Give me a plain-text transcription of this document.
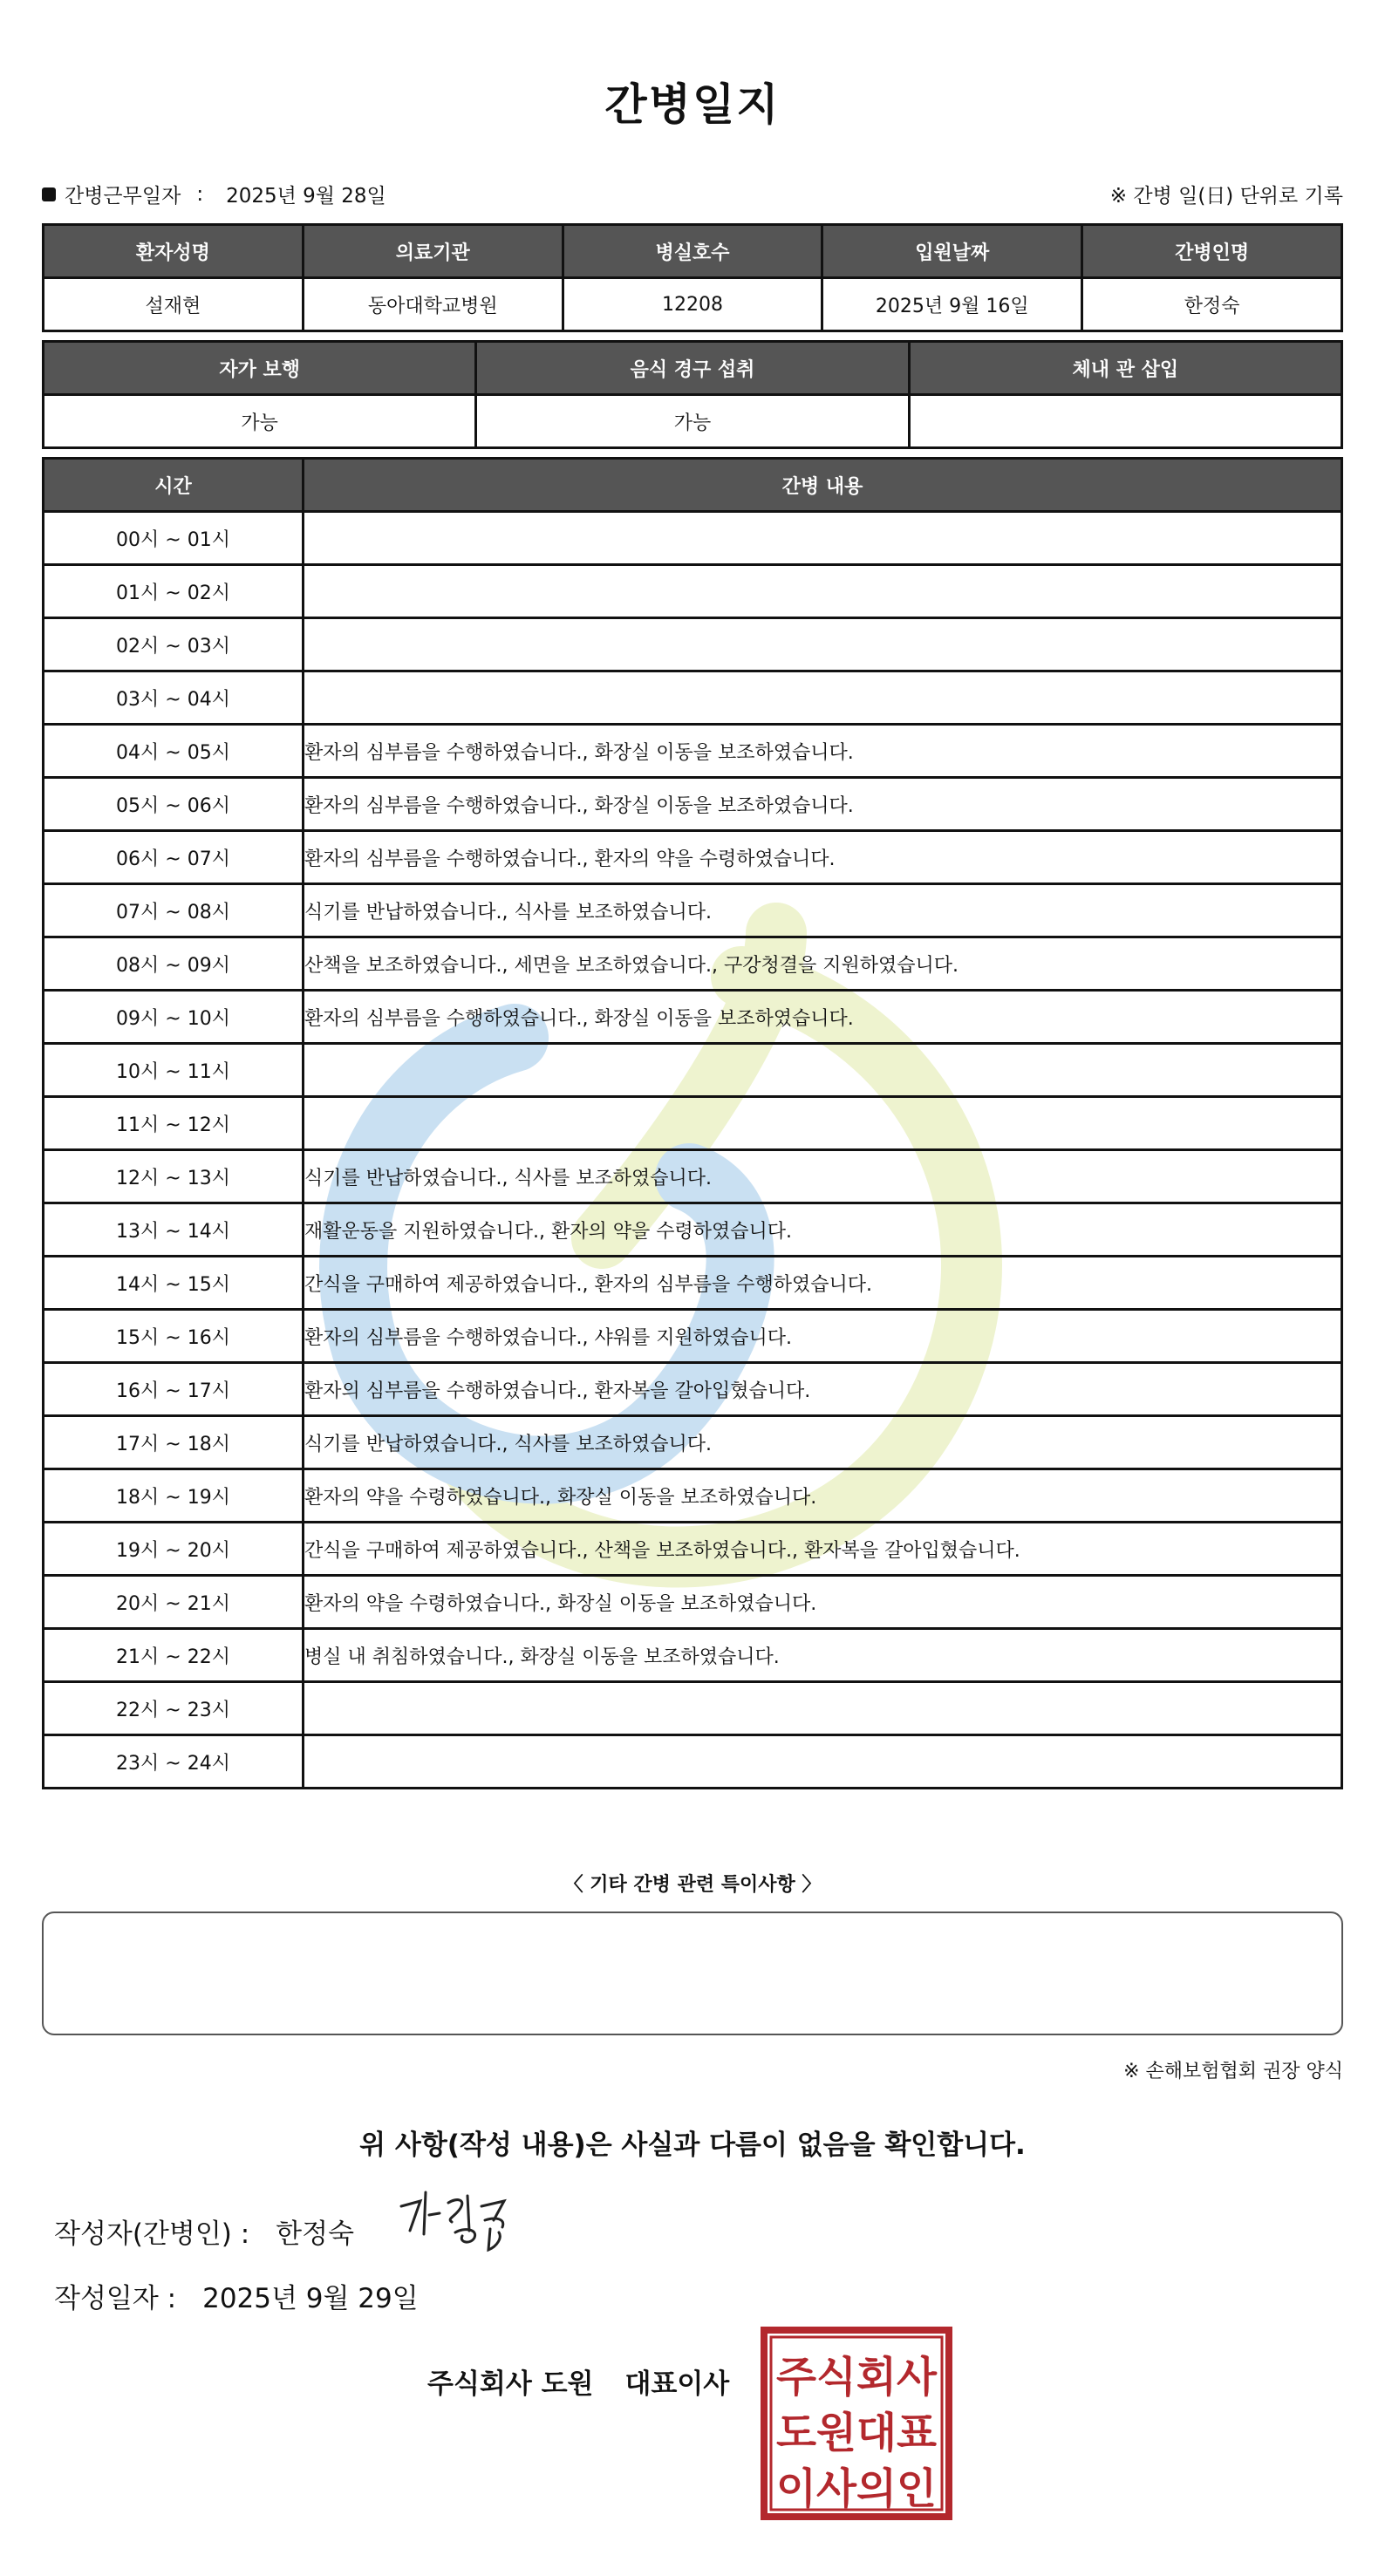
간병일지
간병근무일자 : 2025년 9월 28일	※ 간병 일(日) 단위로 기록
환자성명	의료기관	병실호수	입원날짜	간병인명
설재현	동아대학교병원	12208	2025년 9월 16일	한정숙
자가 보행	음식 경구 섭취	체내 관 삽입
가능	가능	
시간	간병 내용
00시 ~ 01시	
01시 ~ 02시	
02시 ~ 03시	
03시 ~ 04시	
04시 ~ 05시	환자의 심부름을 수행하였습니다., 화장실 이동을 보조하였습니다.
05시 ~ 06시	환자의 심부름을 수행하였습니다., 화장실 이동을 보조하였습니다.
06시 ~ 07시	환자의 심부름을 수행하였습니다., 환자의 약을 수령하였습니다.
07시 ~ 08시	식기를 반납하였습니다., 식사를 보조하였습니다.
08시 ~ 09시	산책을 보조하였습니다., 세면을 보조하였습니다., 구강청결을 지원하였습니다.
09시 ~ 10시	환자의 심부름을 수행하였습니다., 화장실 이동을 보조하였습니다.
10시 ~ 11시	
11시 ~ 12시	
12시 ~ 13시	식기를 반납하였습니다., 식사를 보조하였습니다.
13시 ~ 14시	재활운동을 지원하였습니다., 환자의 약을 수령하였습니다.
14시 ~ 15시	간식을 구매하여 제공하였습니다., 환자의 심부름을 수행하였습니다.
15시 ~ 16시	환자의 심부름을 수행하였습니다., 샤워를 지원하였습니다.
16시 ~ 17시	환자의 심부름을 수행하였습니다., 환자복을 갈아입혔습니다.
17시 ~ 18시	식기를 반납하였습니다., 식사를 보조하였습니다.
18시 ~ 19시	환자의 약을 수령하였습니다., 화장실 이동을 보조하였습니다.
19시 ~ 20시	간식을 구매하여 제공하였습니다., 산책을 보조하였습니다., 환자복을 갈아입혔습니다.
20시 ~ 21시	환자의 약을 수령하였습니다., 화장실 이동을 보조하였습니다.
21시 ~ 22시	병실 내 취침하였습니다., 화장실 이동을 보조하였습니다.
22시 ~ 23시	
23시 ~ 24시	
〈 기타 간병 관련 특이사항 〉
※ 손해보험협회 권장 양식
위 사항(작성 내용)은 사실과 다름이 없음을 확인합니다.
작성자(간병인) : 한정숙
작성일자 : 2025년 9월 29일
주식회사 도원 대표이사 주식회사
도원대표
이사의인
